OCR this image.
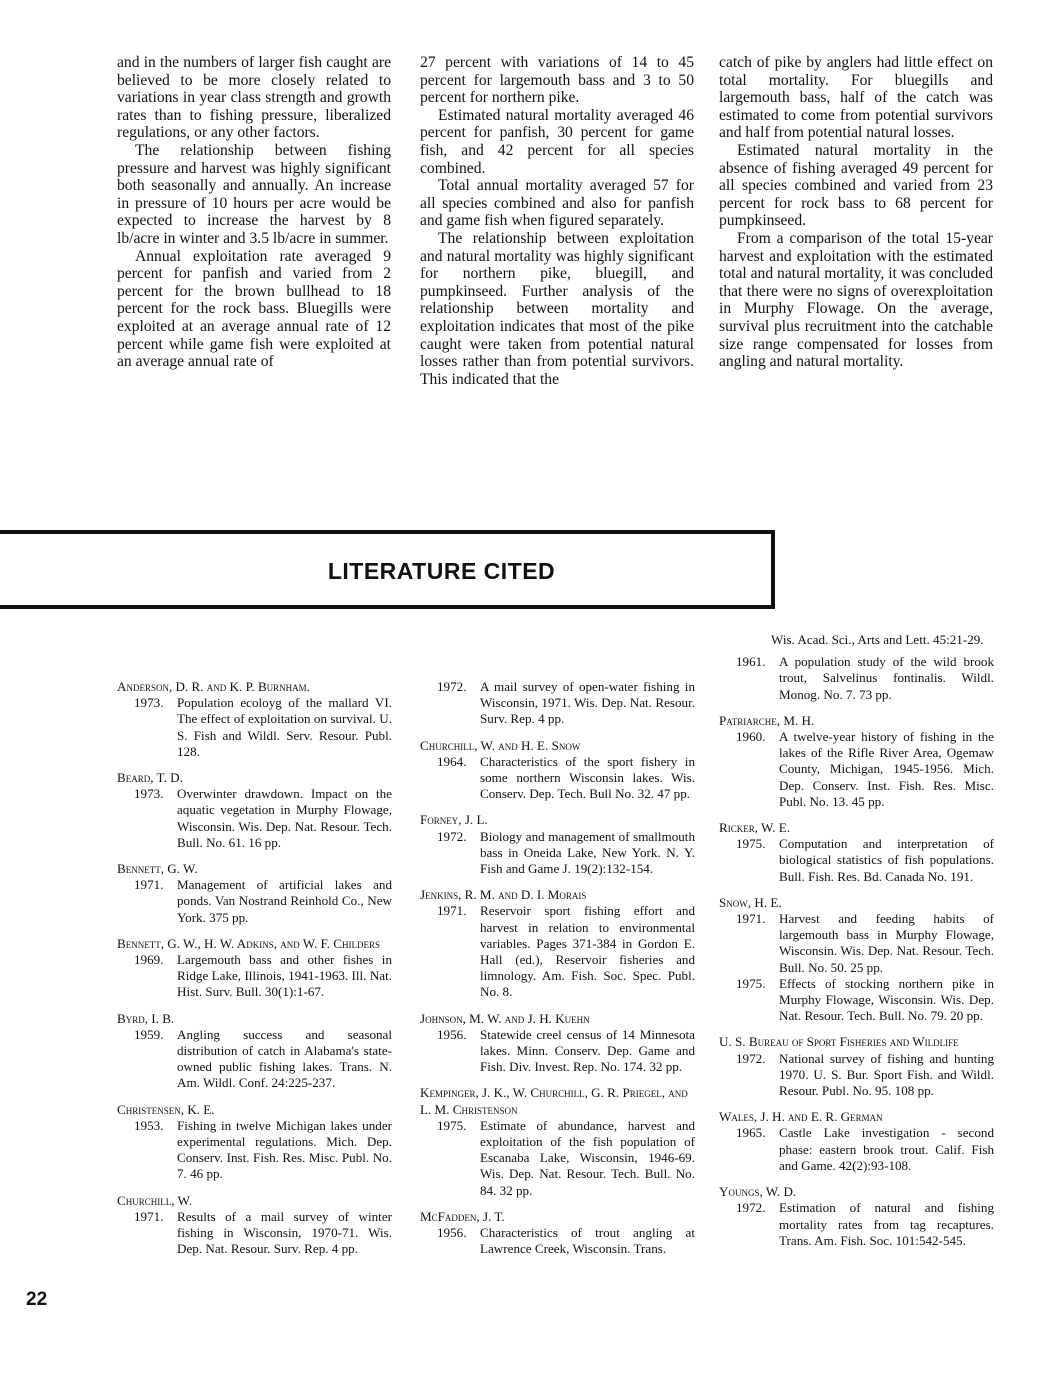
and in the numbers of larger fish caught are believed to be more closely related to variations in year class strength and growth rates than to fishing pressure, liberalized regulations, or any other factors.

The relationship between fishing pressure and harvest was highly significant both seasonally and annually. An increase in pressure of 10 hours per acre would be expected to increase the harvest by 8 lb/acre in winter and 3.5 lb/acre in summer.

Annual exploitation rate averaged 9 percent for panfish and varied from 2 percent for the brown bullhead to 18 percent for the rock bass. Bluegills were exploited at an average annual rate of 12 percent while game fish were exploited at an average annual rate of

27 percent with variations of 14 to 45 percent for largemouth bass and 3 to 50 percent for northern pike.

Estimated natural mortality averaged 46 percent for panfish, 30 percent for game fish, and 42 percent for all species combined.

Total annual mortality averaged 57 for all species combined and also for panfish and game fish when figured separately.

The relationship between exploitation and natural mortality was highly significant for northern pike, bluegill, and pumpkinseed. Further analysis of the relationship between mortality and exploitation indicates that most of the pike caught were taken from potential natural losses rather than from potential survivors. This indicated that the

catch of pike by anglers had little effect on total mortality. For bluegills and largemouth bass, half of the catch was estimated to come from potential survivors and half from potential natural losses.

Estimated natural mortality in the absence of fishing averaged 49 percent for all species combined and varied from 23 percent for rock bass to 68 percent for pumpkinseed.

From a comparison of the total 15-year harvest and exploitation with the estimated total and natural mortality, it was concluded that there were no signs of overexploitation in Murphy Flowage. On the average, survival plus recruitment into the catchable size range compensated for losses from angling and natural mortality.

LITERATURE CITED
Anderson, D. R. and K. P. Burnham.
1973. Population ecoloyg of the mallard VI. The effect of exploitation on survival. U. S. Fish and Wildl. Serv. Resour. Publ. 128.
Beard, T. D.
1973. Overwinter drawdown. Impact on the aquatic vegetation in Murphy Flowage, Wisconsin. Wis. Dep. Nat. Resour. Tech. Bull. No. 61. 16 pp.
Bennett, G. W.
1971. Management of artificial lakes and ponds. Van Nostrand Reinhold Co., New York. 375 pp.
Bennett, G. W., H. W. Adkins, and W. F. Childers
1969. Largemouth bass and other fishes in Ridge Lake, Illinois, 1941-1963. Ill. Nat. Hist. Surv. Bull. 30(1):1-67.
Byrd, I. B.
1959. Angling success and seasonal distribution of catch in Alabama's state-owned public fishing lakes. Trans. N. Am. Wildl. Conf. 24:225-237.
Christensen, K. E.
1953. Fishing in twelve Michigan lakes under experimental regulations. Mich. Dep. Conserv. Inst. Fish. Res. Misc. Publ. No. 7. 46 pp.
Churchill, W.
1971. Results of a mail survey of winter fishing in Wisconsin, 1970-71. Wis. Dep. Nat. Resour. Surv. Rep. 4 pp.
1972. A mail survey of open-water fishing in Wisconsin, 1971. Wis. Dep. Nat. Resour. Surv. Rep. 4 pp.
Churchill, W. and H. E. Snow
1964. Characteristics of the sport fishery in some northern Wisconsin lakes. Wis. Conserv. Dep. Tech. Bull No. 32. 47 pp.
Forney, J. L.
1972. Biology and management of smallmouth bass in Oneida Lake, New York. N. Y. Fish and Game J. 19(2):132-154.
Jenkins, R. M. and D. I. Morais
1971. Reservoir sport fishing effort and harvest in relation to environmental variables. Pages 371-384 in Gordon E. Hall (ed.), Reservoir fisheries and limnology. Am. Fish. Soc. Spec. Publ. No. 8.
Johnson, M. W. and J. H. Kuehn
1956. Statewide creel census of 14 Minnesota lakes. Minn. Conserv. Dep. Game and Fish. Div. Invest. Rep. No. 174. 32 pp.
Kempinger, J. K., W. Churchill, G. R. Priegel, and L. M. Christenson
1975. Estimate of abundance, harvest and exploitation of the fish population of Escanaba Lake, Wisconsin, 1946-69. Wis. Dep. Nat. Resour. Tech. Bull. No. 84. 32 pp.
McFadden, J. T.
1956. Characteristics of trout angling at Lawrence Creek, Wisconsin. Trans.
Wis. Acad. Sci., Arts and Lett. 45:21-29.
1961. A population study of the wild brook trout, Salvelinus fontinalis. Wildl. Monog. No. 7. 73 pp.
Patriarche, M. H.
1960. A twelve-year history of fishing in the lakes of the Rifle River Area, Ogemaw County, Michigan, 1945-1956. Mich. Dep. Conserv. Inst. Fish. Res. Misc. Publ. No. 13. 45 pp.
Ricker, W. E.
1975. Computation and interpretation of biological statistics of fish populations. Bull. Fish. Res. Bd. Canada No. 191.
Snow, H. E.
1971. Harvest and feeding habits of largemouth bass in Murphy Flowage, Wisconsin. Wis. Dep. Nat. Resour. Tech. Bull. No. 50. 25 pp.
1975. Effects of stocking northern pike in Murphy Flowage, Wisconsin. Wis. Dep. Nat. Resour. Tech. Bull. No. 79. 20 pp.
U. S. Bureau of Sport Fisheries and Wildlife
1972. National survey of fishing and hunting 1970. U. S. Bur. Sport Fish. and Wildl. Resour. Publ. No. 95. 108 pp.
Wales, J. H. and E. R. German
1965. Castle Lake investigation - second phase: eastern brook trout. Calif. Fish and Game. 42(2):93-108.
Youngs, W. D.
1972. Estimation of natural and fishing mortality rates from tag recaptures. Trans. Am. Fish. Soc. 101:542-545.
22
